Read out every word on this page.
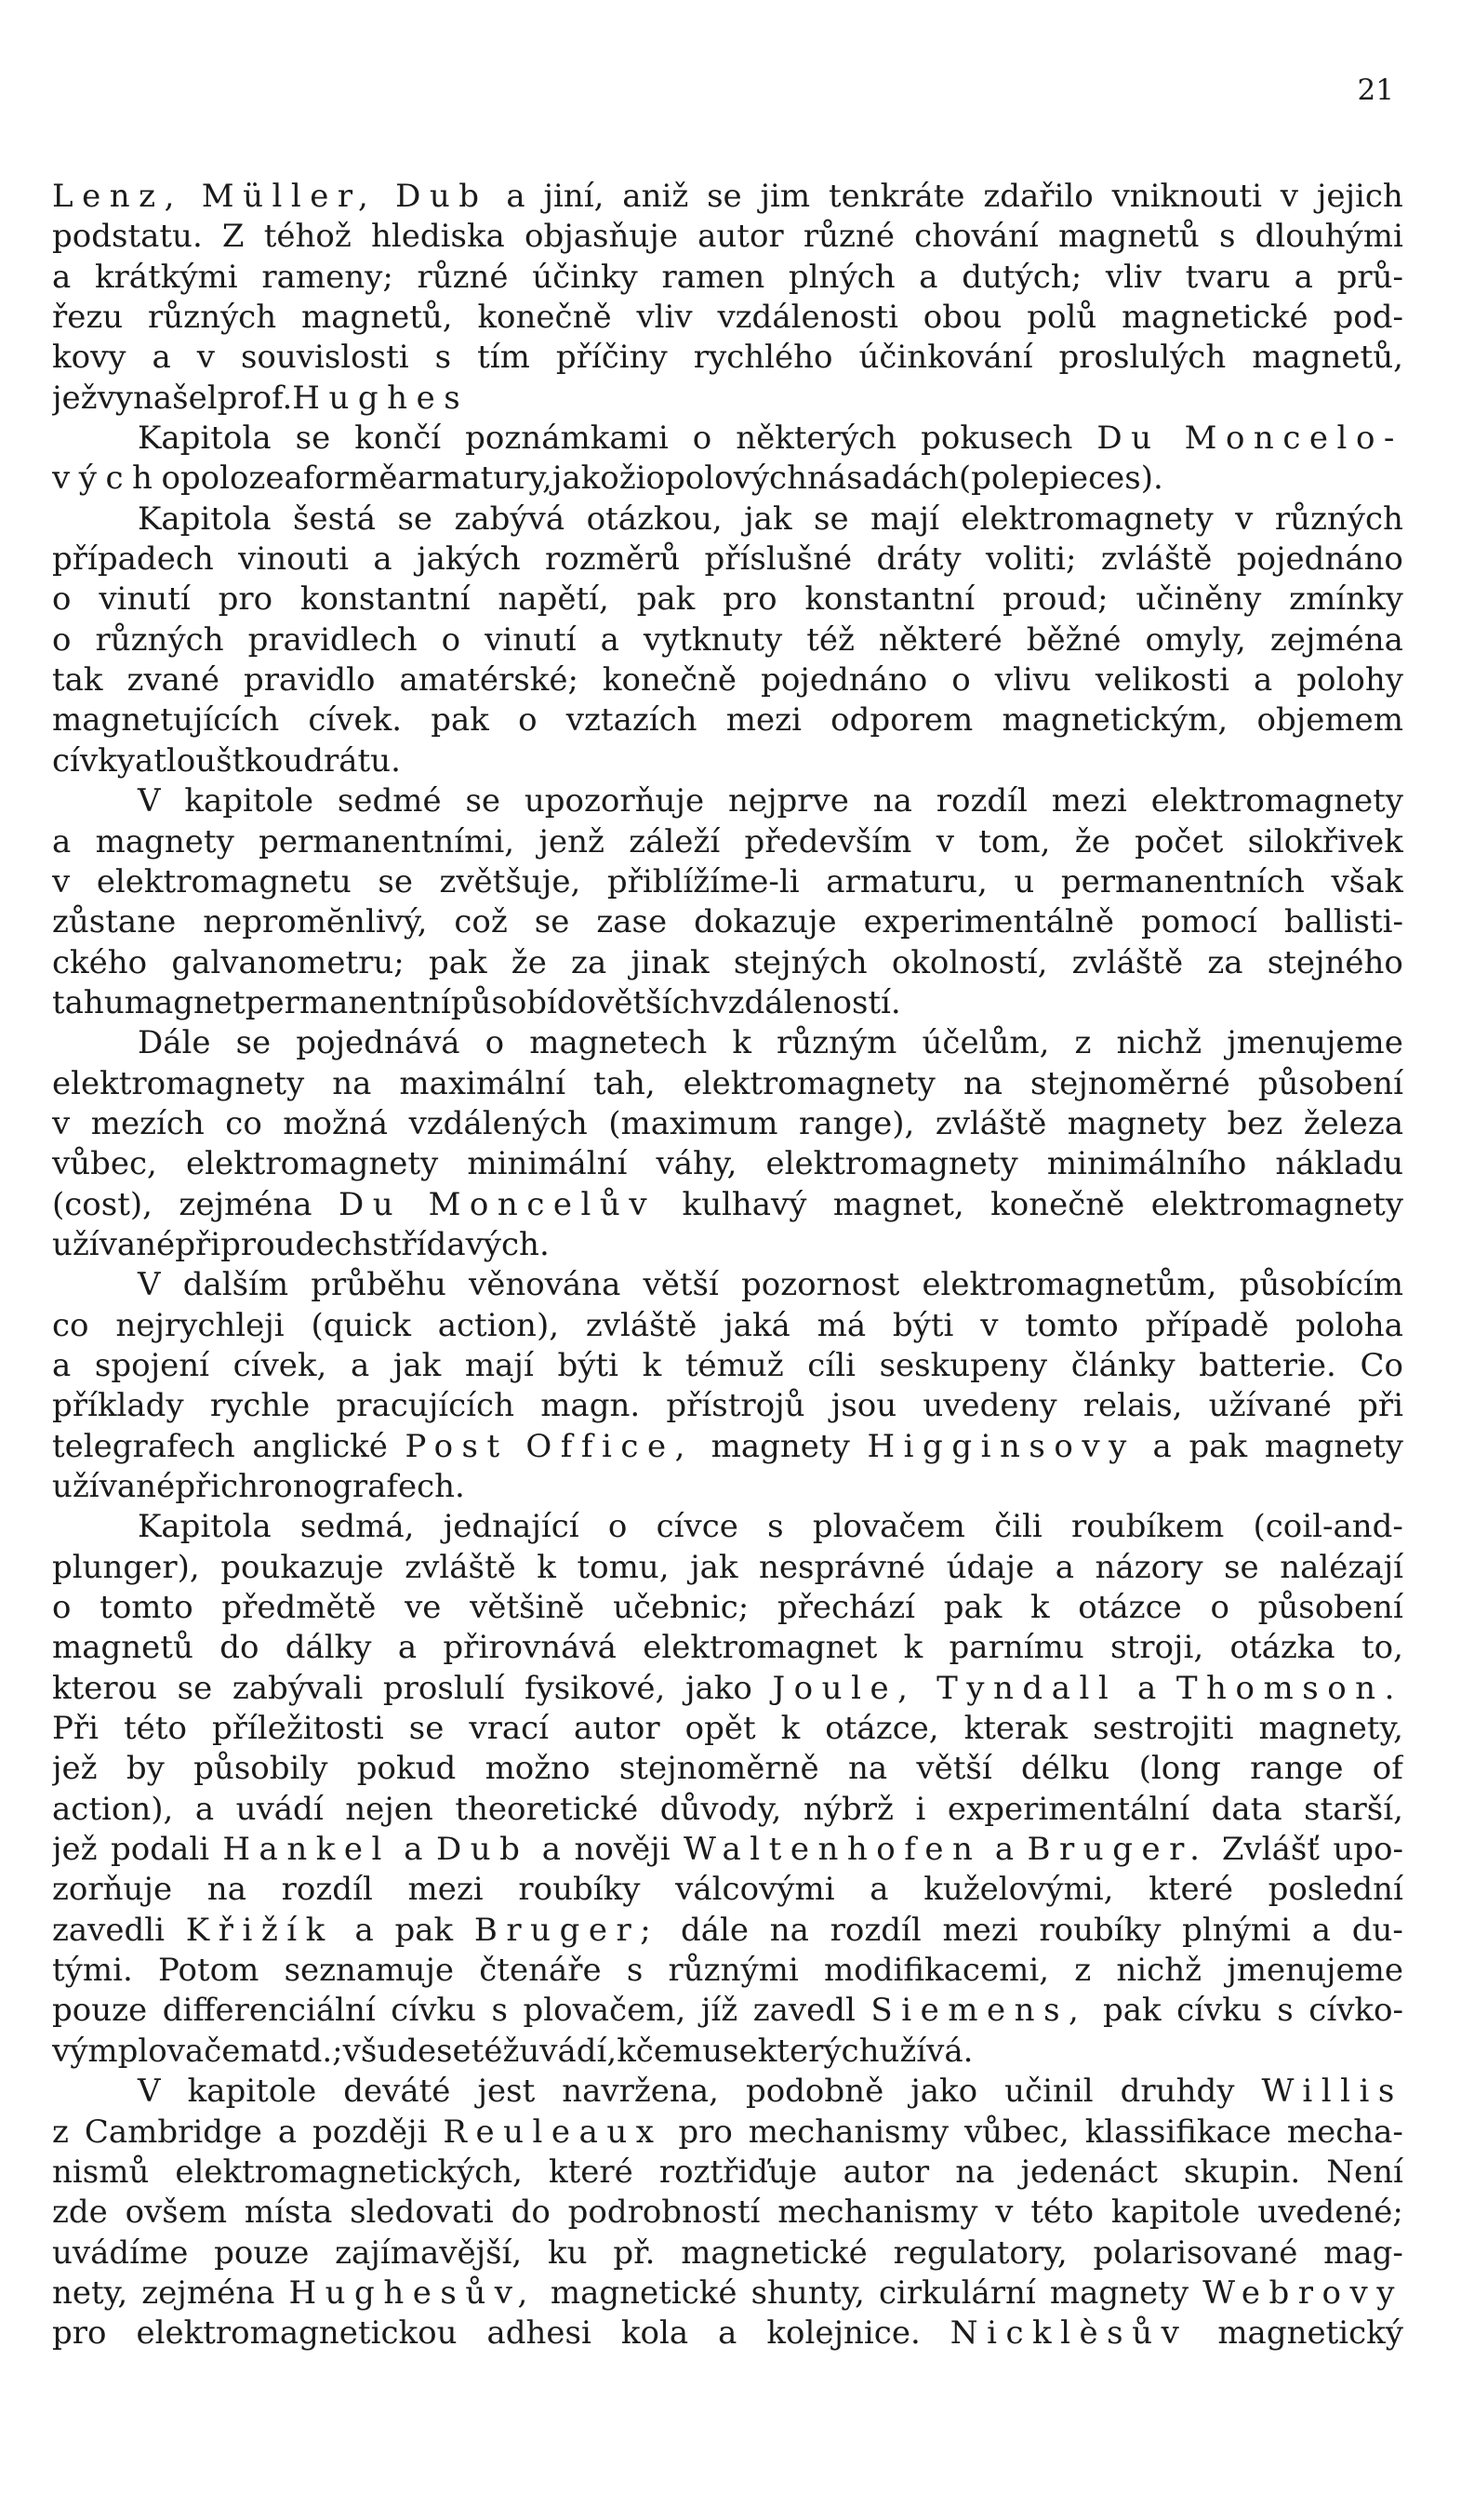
21
Lenz, Müller, Dub a jiní, aniž se jim tenkráte zdařilo vniknouti v jejich
podstatu. Z téhož hlediska objasňuje autor různé chování magnetů s dlouhými
a krátkými rameny; různé účinky ramen plných a dutých; vliv tvaru a prů-
řezu různých magnetů, konečně vliv vzdálenosti obou polů magnetické pod-
kovy a v souvislosti s tím příčiny rychlého účinkování proslulých magnetů,
jež vynašel prof. Hughes
Kapitola se končí poznámkami o některých pokusech Du Moncelo-
vých o poloze a formě armatury, jakož i o polových násadách (pole pieces).
Kapitola šestá se zabývá otázkou, jak se mají elektromagnety v různých
případech vinouti a jakých rozměrů příslušné dráty voliti; zvláště pojednáno
o vinutí pro konstantní napětí, pak pro konstantní proud; učiněny zmínky
o různých pravidlech o vinutí a vytknuty též některé běžné omyly, zejména
tak zvané pravidlo amatérské; konečně pojednáno o vlivu velikosti a polohy
magnetujících cívek. pak o vztazích mezi odporem magnetickým, objemem
cívky a tlouštkou drátu.
V kapitole sedmé se upozorňuje nejprve na rozdíl mezi elektromagnety
a magnety permanentními, jenž záleží především v tom, že počet silokřivek
v elektromagnetu se zvětšuje, přiblížíme-li armaturu, u permanentních však
zůstane nepromĕnlivý, což se zase dokazuje experimentálně pomocí ballisti-
ckého galvanometru; pak že za jinak stejných okolností, zvláště za stejného
tahu magnet permanentní působí do větších vzdáleností.
Dále se pojednává o magnetech k různým účelům, z nichž jmenujeme
elektromagnety na maximální tah, elektromagnety na stejnoměrné působení
v mezích co možná vzdálených (maximum range), zvláště magnety bez železa
vůbec, elektromagnety minimální váhy, elektromagnety minimálního nákladu
(cost), zejména Du Moncelův kulhavý magnet, konečně elektromagnety
užívané při proudech střídavých.
V dalším průběhu věnována větší pozornost elektromagnetům, působícím
co nejrychleji (quick action), zvláště jaká má býti v tomto případě poloha
a spojení cívek, a jak mají býti k témuž cíli seskupeny články batterie. Co
příklady rychle pracujících magn. přístrojů jsou uvedeny relais, užívané při
telegrafech anglické Post Office, magnety Higginsovy a pak magnety
užívané při chronografech.
Kapitola sedmá, jednající o cívce s plovačem čili roubíkem (coil-and-
plunger), poukazuje zvláště k tomu, jak nesprávné údaje a názory se nalézají
o tomto předmětě ve většině učebnic; přechází pak k otázce o působení
magnetů do dálky a přirovnává elektromagnet k parnímu stroji, otázka to,
kterou se zabývali proslulí fysikové, jako Joule, Tyndall a Thomson.
Při této příležitosti se vrací autor opět k otázce, kterak sestrojiti magnety,
jež by působily pokud možno stejnoměrně na větší délku (long range of
action), a uvádí nejen theoretické důvody, nýbrž i experimentální data starší,
jež podali Hankel a Dub a nověji Waltenhofen a Bruger. Zvlášť upo-
zorňuje na rozdíl mezi roubíky válcovými a kuželovými, které poslední
zavedli Křižík a pak Bruger; dále na rozdíl mezi roubíky plnými a du-
tými. Potom seznamuje čtenáře s různými modifikacemi, z nichž jmenujeme
pouze differenciální cívku s plovačem, jíž zavedl Siemens, pak cívku s cívko-
vým plovačem atd.; všude se též uvádí, k čemu se kterých užívá.
V kapitole deváté jest navržena, podobně jako učinil druhdy Willis
z Cambridge a později Reuleaux pro mechanismy vůbec, klassifikace mecha-
nismů elektromagnetických, které roztřiďuje autor na jedenáct skupin. Není
zde ovšem místa sledovati do podrobností mechanismy v této kapitole uvedené;
uvádíme pouze zajímavější, ku př. magnetické regulatory, polarisované mag-
nety, zejména Hughesův, magnetické shunty, cirkulární magnety Webrovy
pro elektromagnetickou adhesi kola a kolejnice. Nicklèsův magnetický
